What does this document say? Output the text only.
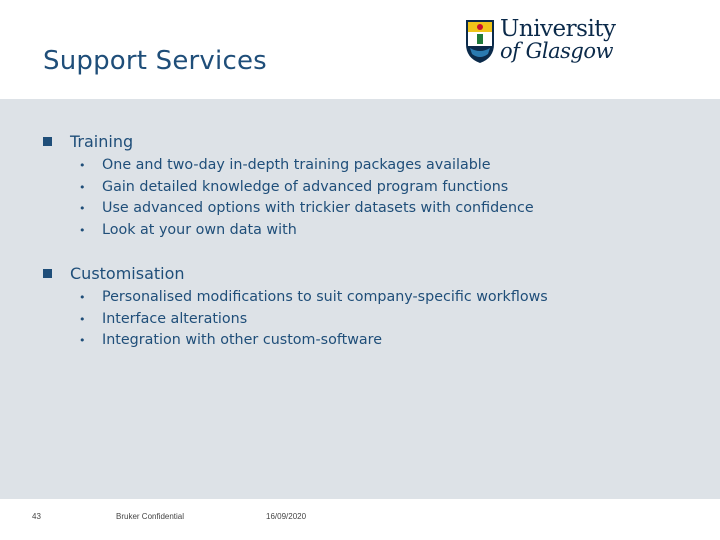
Support Services
University
of Glasgow
Training
•	One and two-day in-depth training packages available
•	Gain detailed knowledge of advanced program functions
•	Use advanced options with trickier datasets with confidence
•	Look at your own data with
Customisation
•	Personalised modifications to suit company-specific workflows
•	Interface alterations
•	Integration with other custom-software
43	Bruker Confidential	16/09/2020
